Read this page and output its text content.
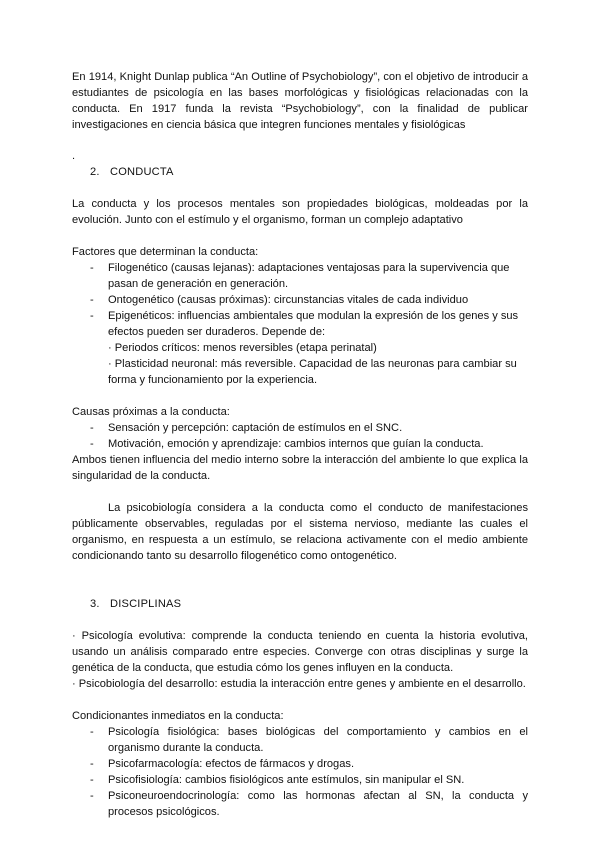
En 1914, Knight Dunlap publica “An Outline of Psychobiology”, con el objetivo de introducir a estudiantes de psicología en las bases morfológicas y fisiológicas relacionadas con la conducta. En 1917 funda la revista “Psychobiology”, con la finalidad de publicar investigaciones en ciencia básica que integren funciones mentales y fisiológicas

.

2. CONDUCTA

La conducta y los procesos mentales son propiedades biológicas, moldeadas por la evolución. Junto con el estímulo y el organismo, forman un complejo adaptativo

Factores que determinan la conducta:

- Filogenético (causas lejanas): adaptaciones ventajosas para la supervivencia que pasan de generación en generación.
- Ontogenético (causas próximas): circunstancias vitales de cada individuo
- Epigenéticos: influencias ambientales que modulan la expresión de los genes y sus efectos pueden ser duraderos. Depende de:

· Periodos críticos: menos reversibles (etapa perinatal)

· Plasticidad neuronal: más reversible. Capacidad de las neuronas para cambiar su forma y funcionamiento por la experiencia.

Causas próximas a la conducta:

- Sensación y percepción: captación de estímulos en el SNC.
- Motivación, emoción y aprendizaje: cambios internos que guían la conducta.

Ambos tienen influencia del medio interno sobre la interacción del ambiente lo que explica la singularidad de la conducta.

La psicobiología considera a la conducta como el conducto de manifestaciones públicamente observables, reguladas por el sistema nervioso, mediante las cuales el organismo, en respuesta a un estímulo, se relaciona activamente con el medio ambiente condicionando tanto su desarrollo filogenético como ontogenético.

3. DISCIPLINAS

· Psicología evolutiva: comprende la conducta teniendo en cuenta la historia evolutiva, usando un análisis comparado entre especies. Converge con otras disciplinas y surge la genética de la conducta, que estudia cómo los genes influyen en la conducta.

· Psicobiología del desarrollo: estudia la interacción entre genes y ambiente en el desarrollo.

Condicionantes inmediatos en la conducta:

- Psicología fisiológica: bases biológicas del comportamiento y cambios en el organismo durante la conducta.
- Psicofarmacología: efectos de fármacos y drogas.
- Psicofisiología: cambios fisiológicos ante estímulos, sin manipular el SN.
- Psiconeuroendocrinología: como las hormonas afectan al SN, la conducta y procesos psicológicos.
